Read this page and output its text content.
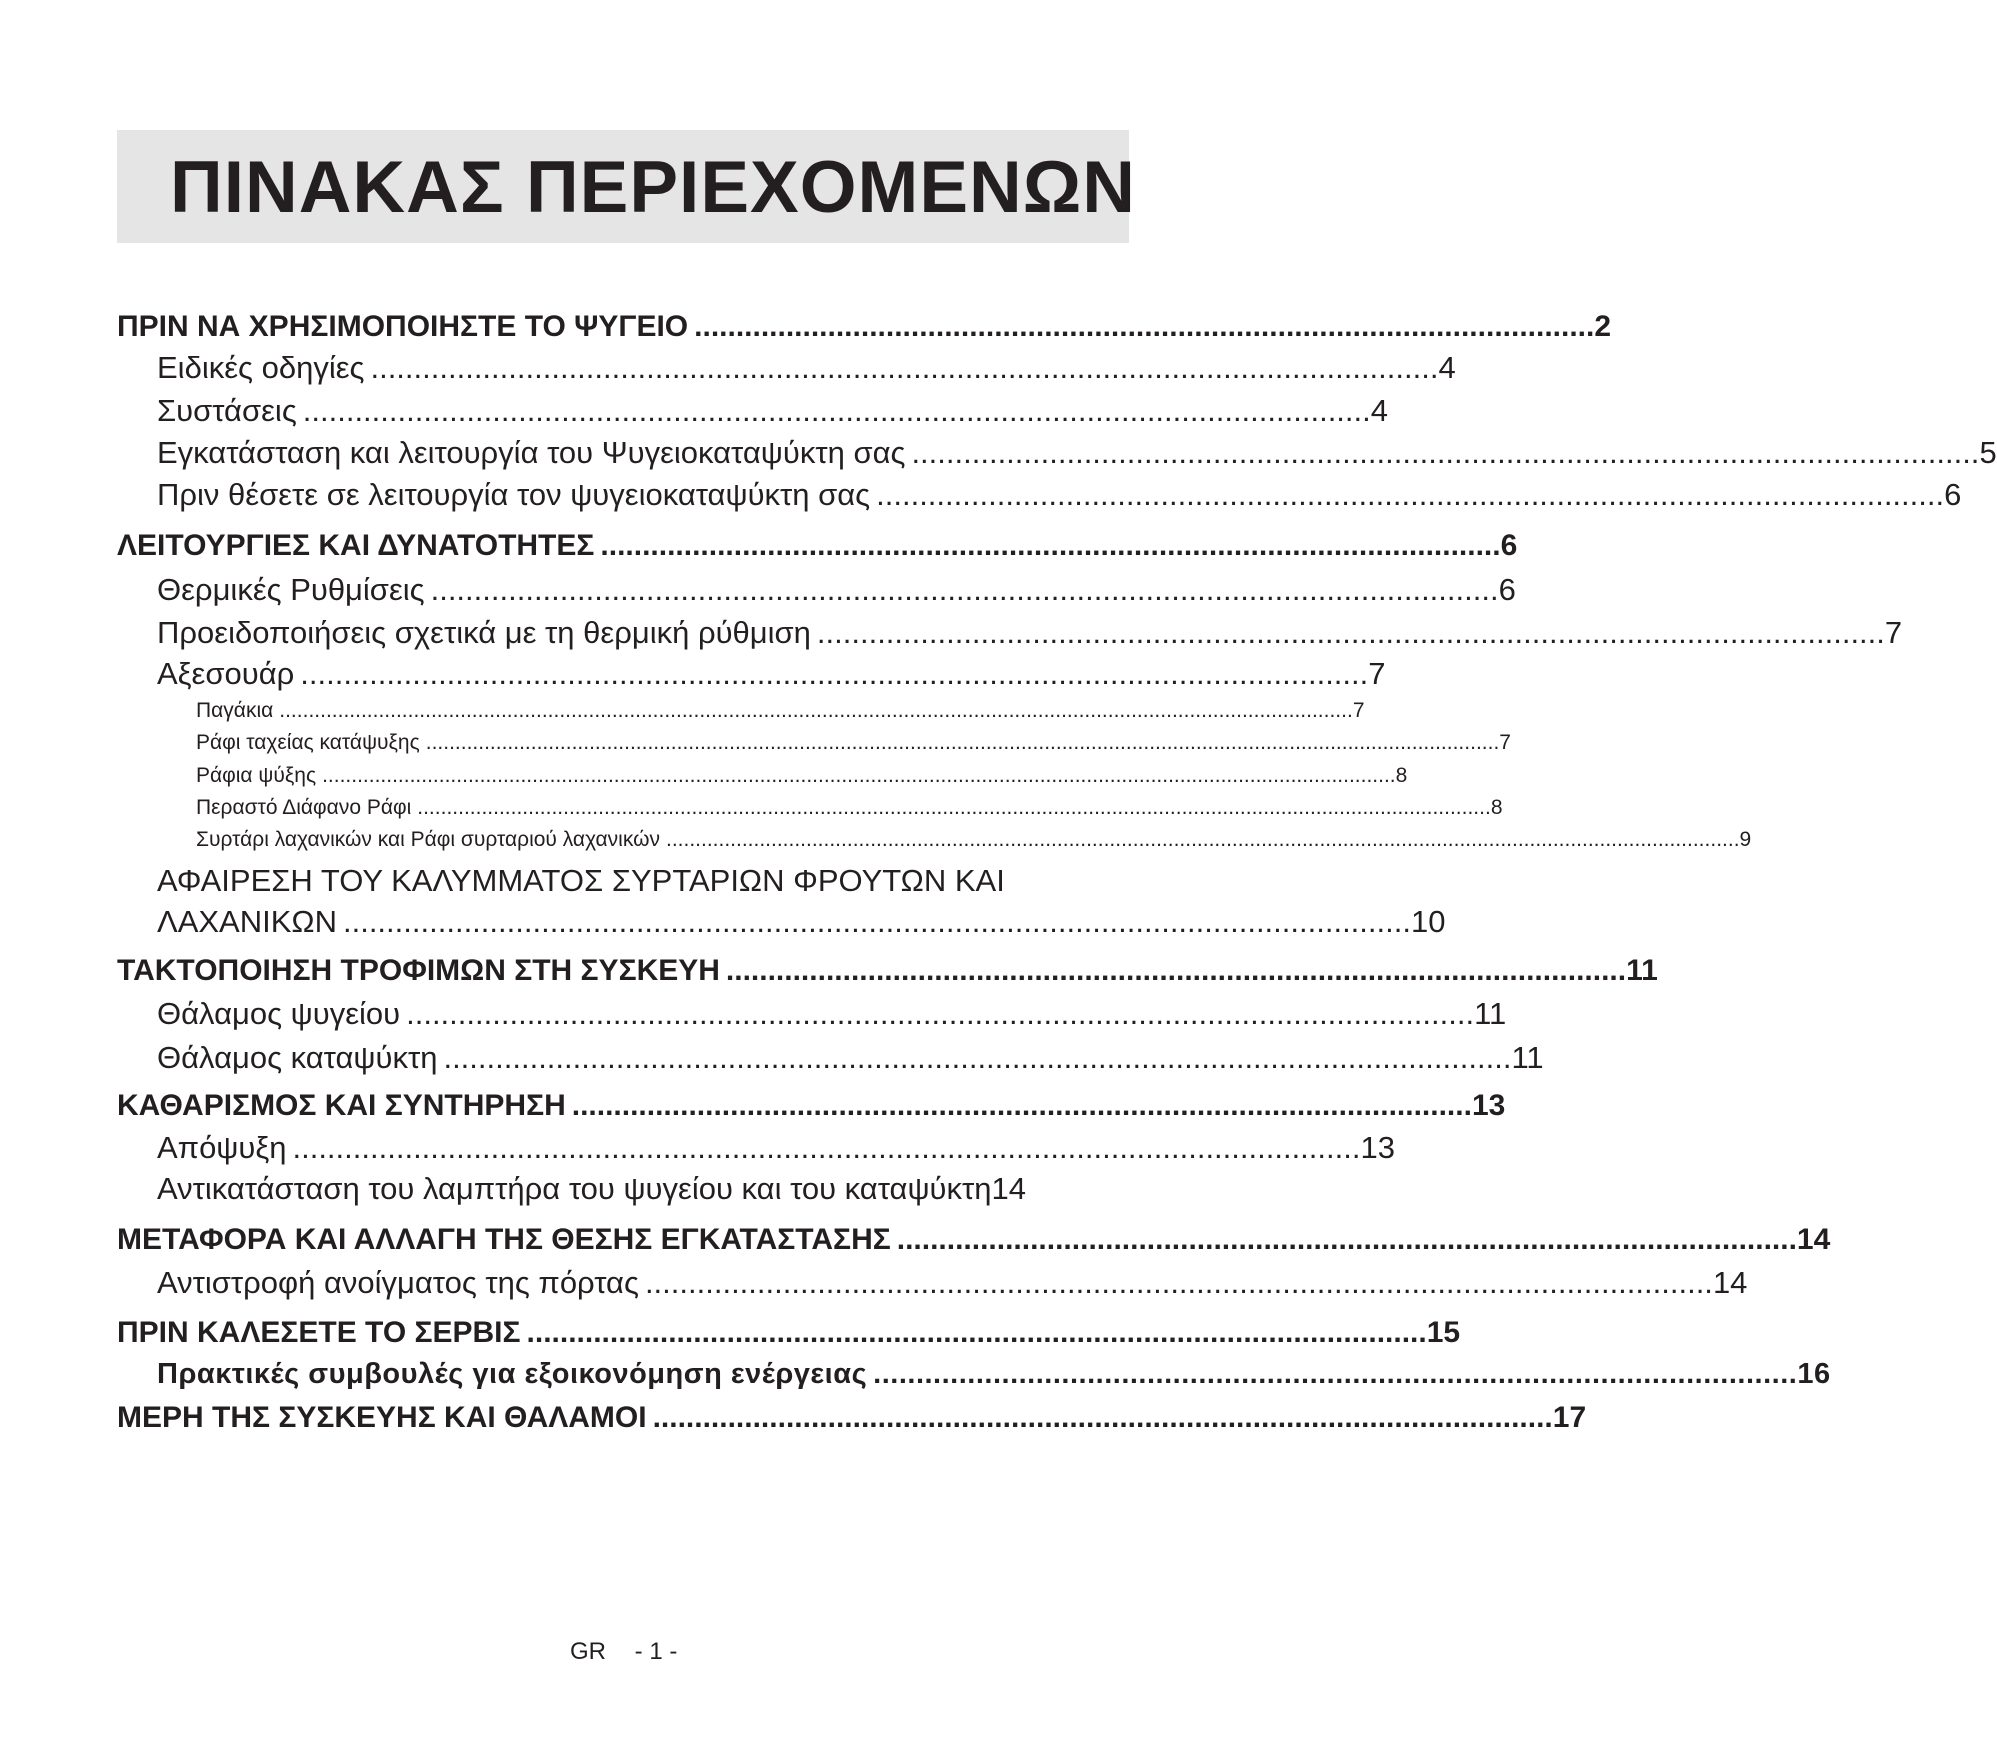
ΠΙΝΑΚΑΣ ΠΕΡΙΕΧΟΜΕΝΩΝ
ΠΡΙΝ ΝΑ ΧΡΗΣΙΜΟΠΟΙΗΣΤΕ ΤΟ ΨΥΓΕΙΟ ............................................................................................................ 2
Ειδικές οδηγίες ............................................................................................................................ 4
Συστάσεις ............................................................................................................................ 4
Εγκατάσταση και λειτουργία του Ψυγειοκαταψύκτη σας ............................................................................................................................ 5
Πριν θέσετε σε λειτουργία τον ψυγειοκαταψύκτη σας ............................................................................................................................ 6
ΛΕΙΤΟΥΡΓΙΕΣ ΚΑΙ ΔΥΝΑΤΟΤΗΤΕΣ ............................................................................................................ 6
Θερμικές Ρυθμίσεις ............................................................................................................................ 6
Προειδοποιήσεις σχετικά με τη θερμική ρύθμιση ............................................................................................................................ 7
Αξεσουάρ ............................................................................................................................ 7
Παγάκια ........................................................................................................................................................................................ 7
Ράφι ταχείας κατάψυξης ........................................................................................................................................................................................ 7
Ράφια ψύξης ........................................................................................................................................................................................ 8
Περαστό Διάφανο Ράφι ........................................................................................................................................................................................ 8
Συρτάρι λαχανικών και Ράφι συρταριού λαχανικών ........................................................................................................................................................................................ 9
ΑΦΑΙΡΕΣΗ ΤΟΥ ΚΑΛΥΜΜΑΤΟΣ ΣΥΡΤΑΡΙΩΝ ΦΡΟΥΤΩΝ ΚΑΙ
ΛΑΧΑΝΙΚΩΝ ............................................................................................................................ 10
ΤΑΚΤΟΠΟΙΗΣΗ ΤΡΟΦΙΜΩΝ ΣΤΗ ΣΥΣΚΕΥΗ ............................................................................................................ 11
Θάλαμος ψυγείου ............................................................................................................................ 11
Θάλαμος καταψύκτη ............................................................................................................................ 11
ΚΑΘΑΡΙΣΜΟΣ ΚΑΙ ΣΥΝΤΗΡΗΣΗ ............................................................................................................ 13
Απόψυξη ............................................................................................................................ 13
Αντικατάσταση του λαμπτήρα του ψυγείου και του καταψύκτη14
ΜΕΤΑΦΟΡΑ ΚΑΙ ΑΛΛΑΓΗ ΤΗΣ ΘΕΣΗΣ ΕΓΚΑΤΑΣΤΑΣΗΣ ............................................................................................................ 14
Αντιστροφή ανοίγματος της πόρτας ............................................................................................................................ 14
ΠΡΙΝ ΚΑΛΕΣΕΤΕ ΤΟ ΣΕΡΒΙΣ ............................................................................................................ 15
Πρακτικές συμβουλές για εξοικονόμηση ενέργειας ............................................................................................................ 16
ΜΕΡΗ ΤΗΣ ΣΥΣΚΕΥΗΣ ΚΑΙ ΘΑΛΑΜΟΙ ............................................................................................................ 17
GR - 1 -
